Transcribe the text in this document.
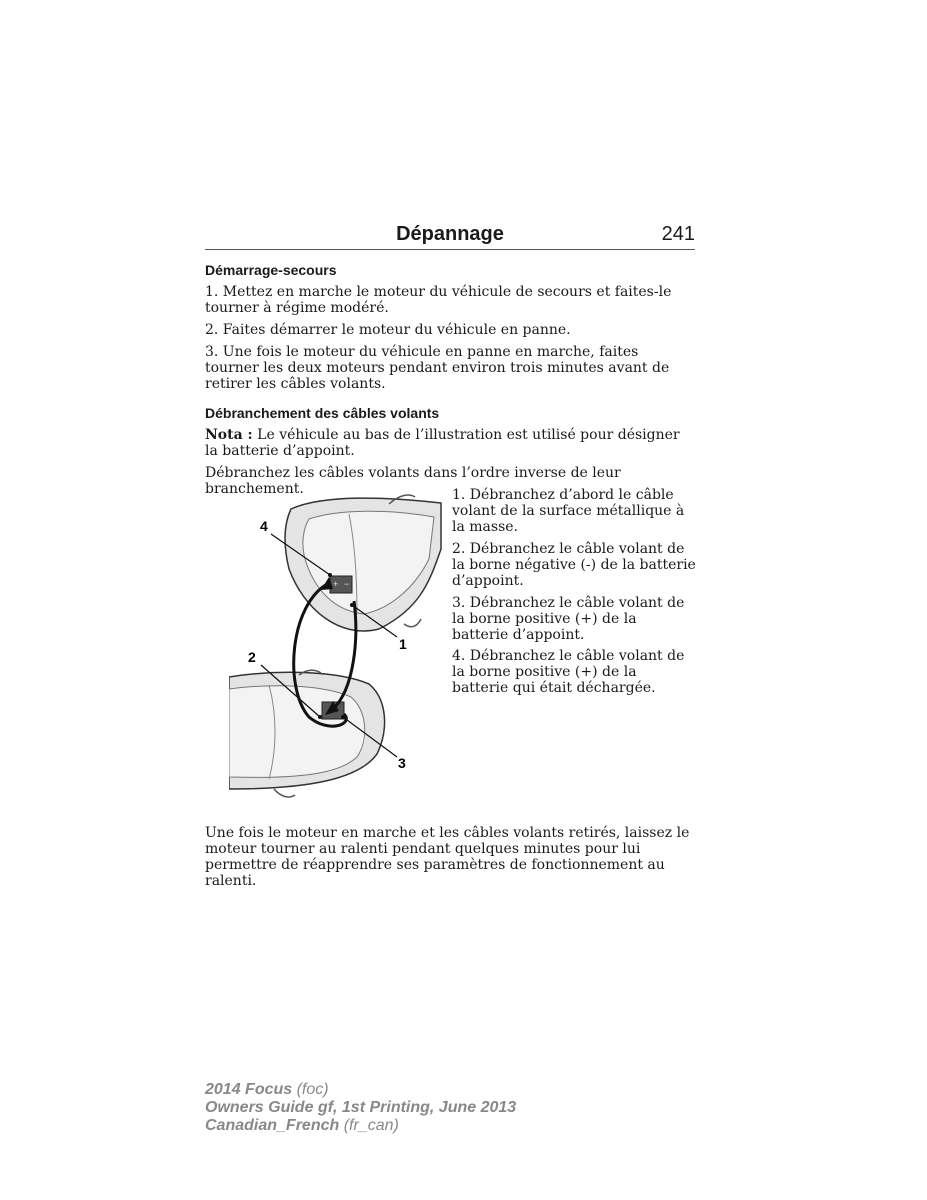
Dépannage	241
Démarrage-secours

1. Mettez en marche le moteur du véhicule de secours et faites-le tourner à régime modéré.

2. Faites démarrer le moteur du véhicule en panne.

3. Une fois le moteur du véhicule en panne en marche, faites tourner les deux moteurs pendant environ trois minutes avant de retirer les câbles volants.

Débranchement des câbles volants

Nota : Le véhicule au bas de l’illustration est utilisé pour désigner la batterie d’appoint.

Débranchez les câbles volants dans l’ordre inverse de leur branchement.	1. Débranchez d’abord le câble volant de la surface métallique à la masse.
2. Débranchez le câble volant de la borne négative (-) de la batterie d’appoint.
3. Débranchez le câble volant de la borne positive (+) de la batterie d’appoint.
4. Débranchez le câble volant de la borne positive (+) de la batterie qui était déchargée.
+ −
4
1
2
3

Une fois le moteur en marche et les câbles volants retirés, laissez le moteur tourner au ralenti pendant quelques minutes pour lui permettre de réapprendre ses paramètres de fonctionnement au ralenti.

2014 Focus (foc)
Owners Guide gf, 1st Printing, June 2013
Canadian_French (fr_can)
